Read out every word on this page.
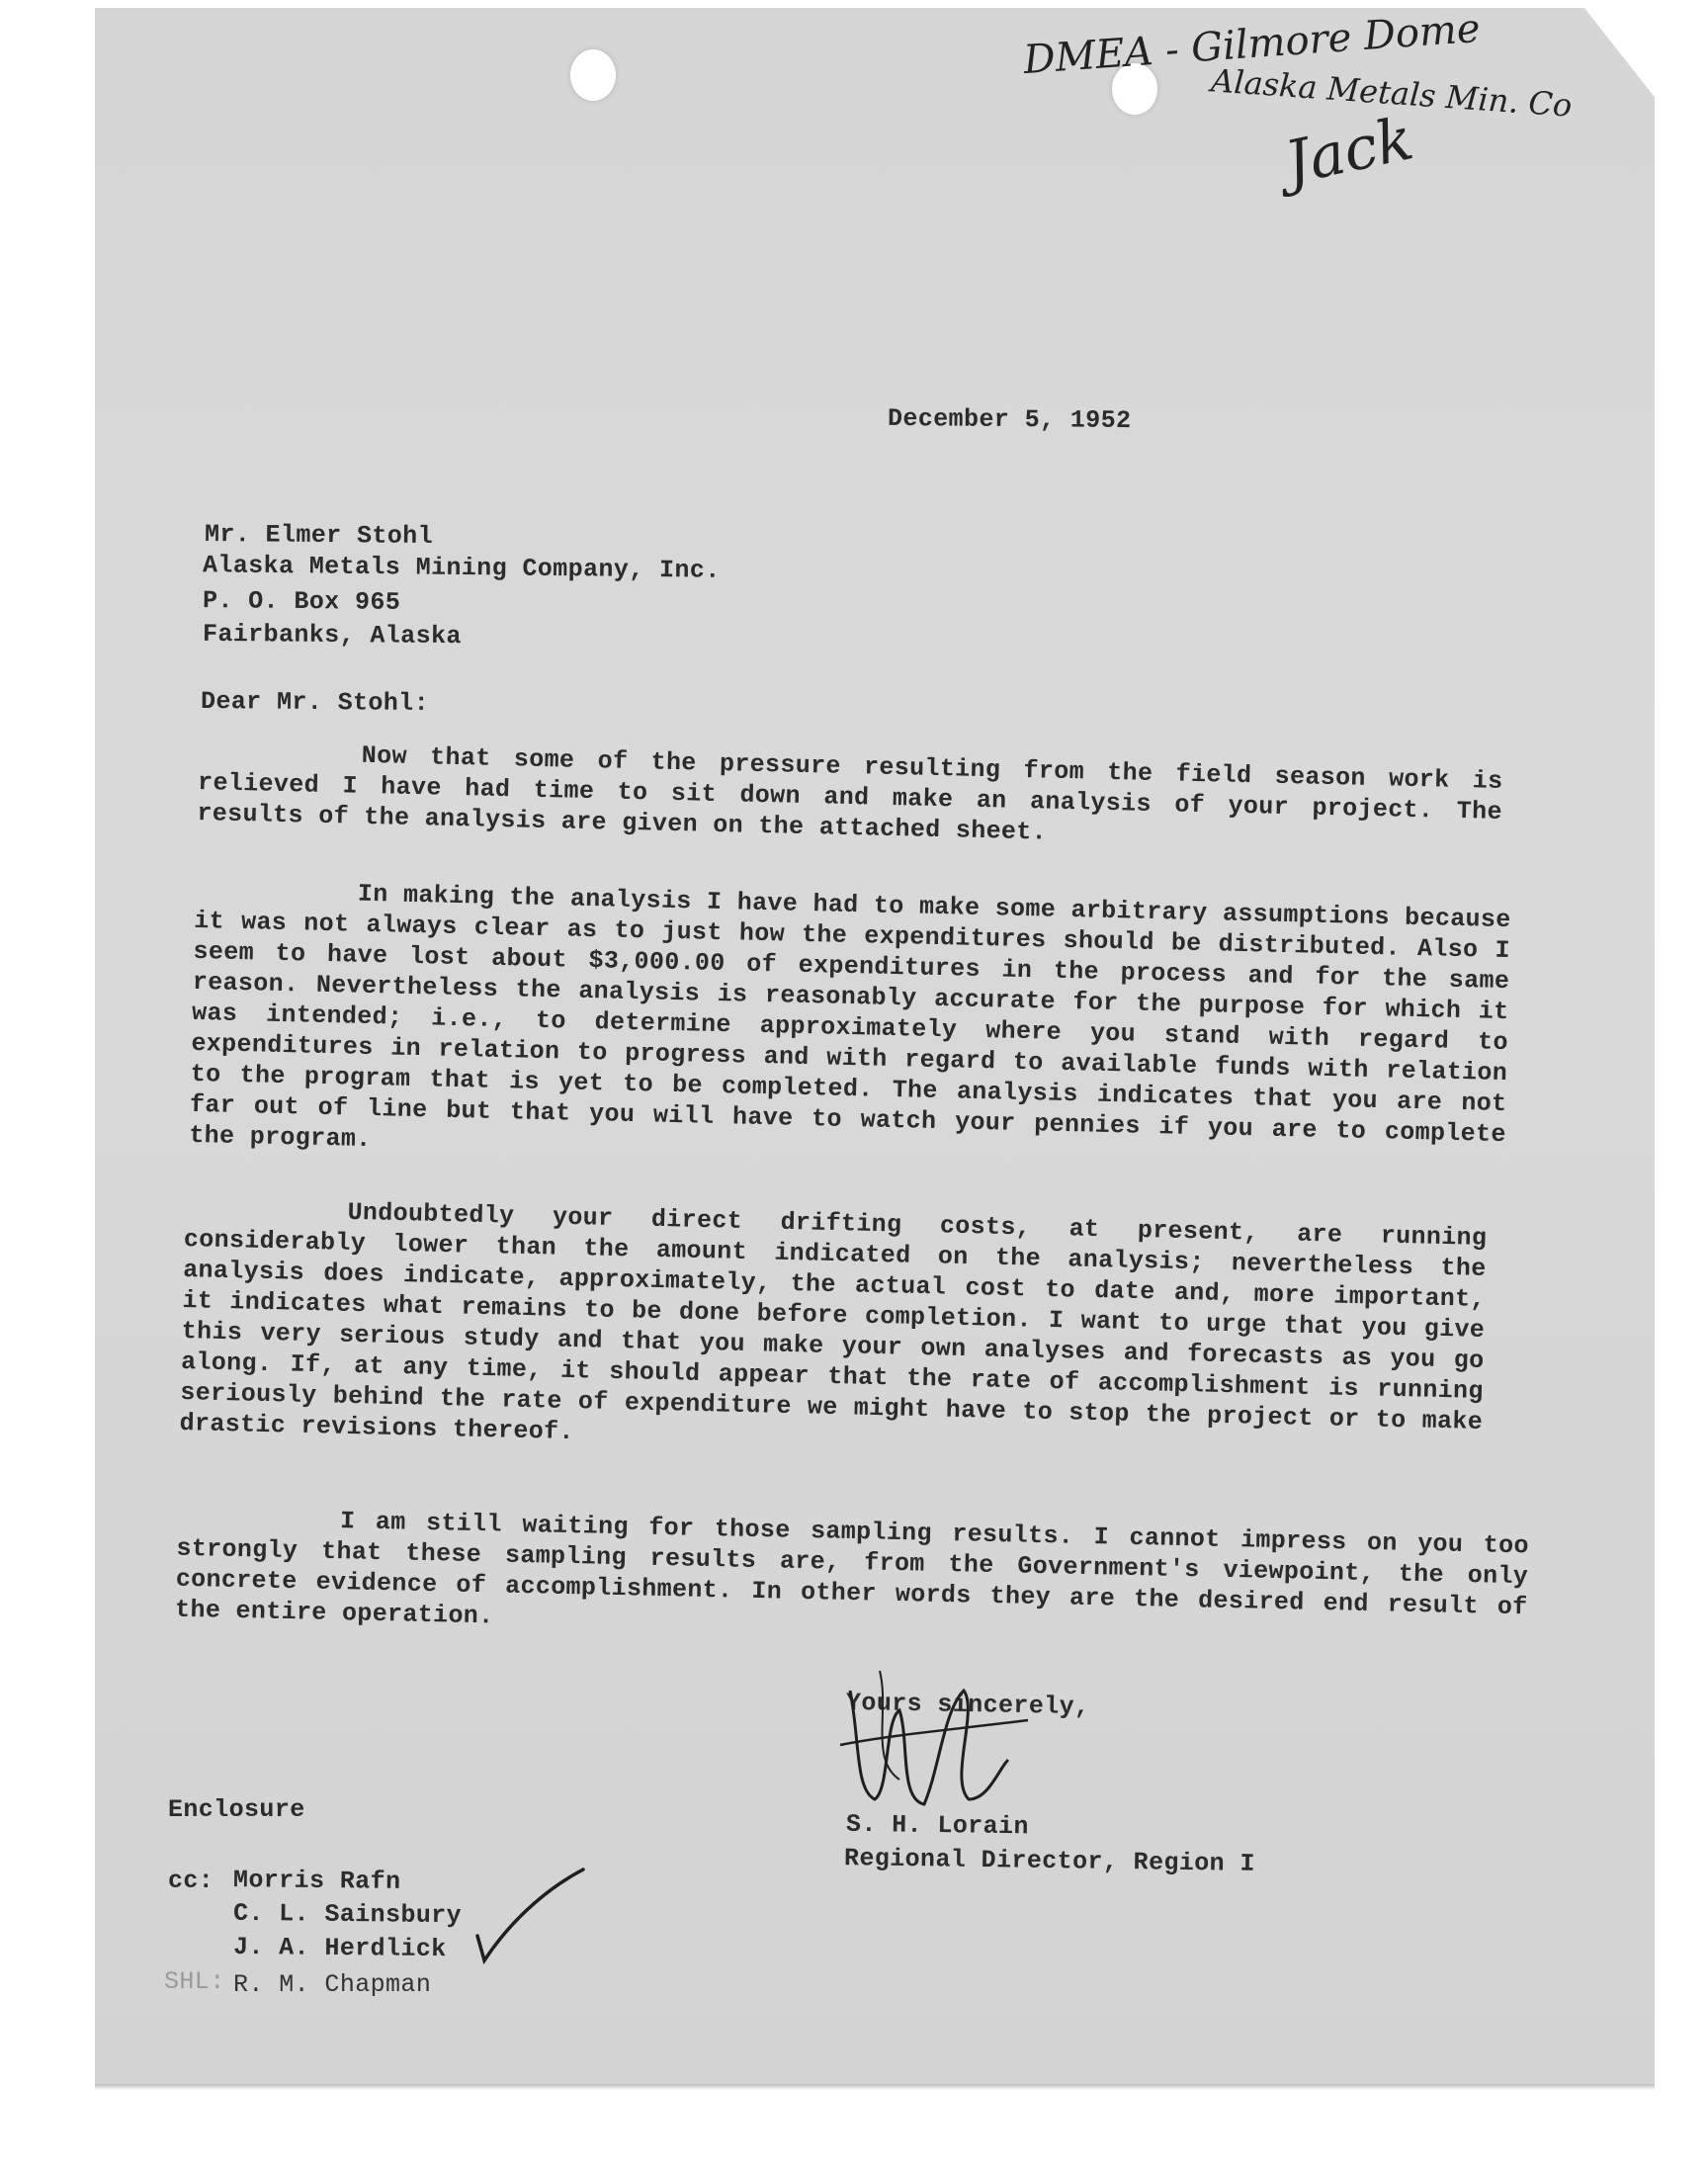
DMEA - Gilmore Dome
Alaska Metals Min. Co
Jack
December 5, 1952
Mr. Elmer Stohl
Alaska Metals Mining Company, Inc.
P. O. Box 965
Fairbanks, Alaska
Dear Mr. Stohl:

Now that some of the pressure resulting from the field season work is relieved I have had time to sit down and make an analysis of your project. The results of the analysis are given on the attached sheet.

In making the analysis I have had to make some arbitrary assumptions because it was not always clear as to just how the expenditures should be distributed. Also I seem to have lost about $3,000.00 of expenditures in the process and for the same reason. Nevertheless the analysis is reasonably accurate for the purpose for which it was intended; i.e., to determine approximately where you stand with regard to expenditures in relation to progress and with regard to available funds with relation to the program that is yet to be completed. The analysis indicates that you are not far out of line but that you will have to watch your pennies if you are to complete the program.

Undoubtedly your direct drifting costs, at present, are running considerably lower than the amount indicated on the analysis; nevertheless the analysis does indicate, approximately, the actual cost to date and, more important, it indicates what remains to be done before completion. I want to urge that you give this very serious study and that you make your own analyses and forecasts as you go along. If, at any time, it should appear that the rate of accomplishment is running seriously behind the rate of expenditure we might have to stop the project or to make drastic revisions thereof.

I am still waiting for those sampling results. I cannot impress on you too strongly that these sampling results are, from the Government's viewpoint, the only concrete evidence of accomplishment. In other words they are the desired end result of the entire operation.

Yours sincerely,
S. H. Lorain
Regional Director, Region I
Enclosure
cc: Morris Rafn
C. L. Sainsbury
J. A. Herdlick
SHL: R. M. Chapman
